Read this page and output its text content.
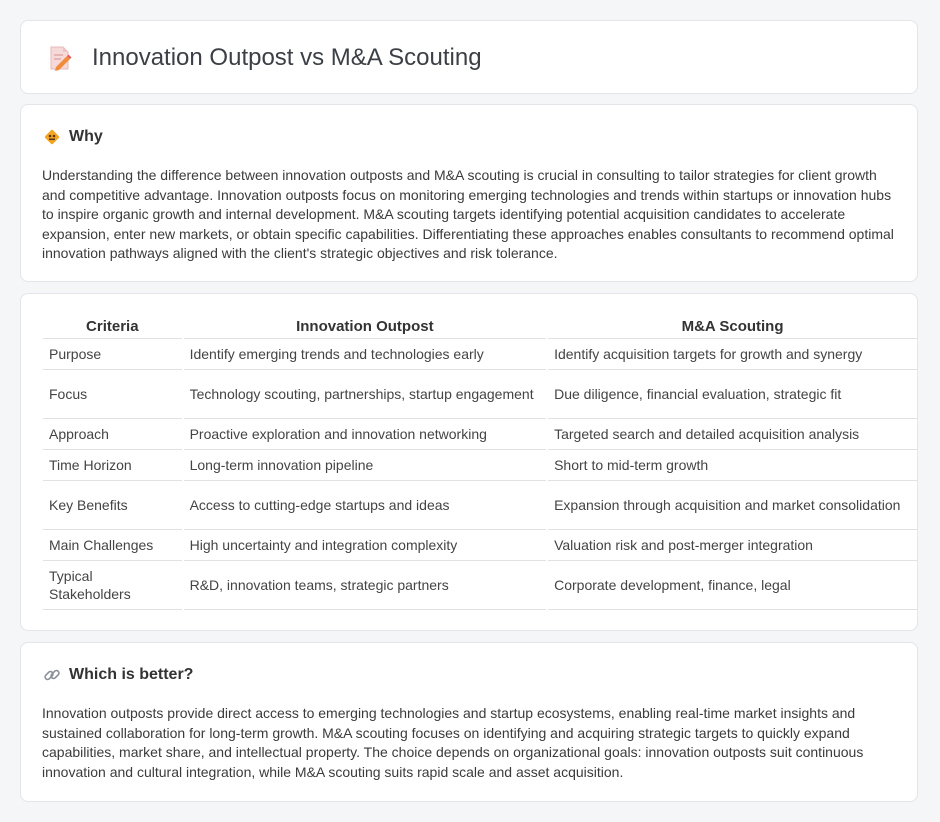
Innovation Outpost vs M&A Scouting
Why

Understanding the difference between innovation outposts and M&A scouting is crucial in consulting to tailor strategies for client growth and competitive advantage. Innovation outposts focus on monitoring emerging technologies and trends within startups or innovation hubs to inspire organic growth and internal development. M&A scouting targets identifying potential acquisition candidates to accelerate expansion, enter new markets, or obtain specific capabilities. Differentiating these approaches enables consultants to recommend optimal innovation pathways aligned with the client's strategic objectives and risk tolerance.

Criteria	Innovation Outpost	M&A Scouting
Purpose	Identify emerging trends and technologies early	Identify acquisition targets for growth and synergy
Focus	Technology scouting, partnerships, startup engagement	Due diligence, financial evaluation, strategic fit
Approach	Proactive exploration and innovation networking	Targeted search and detailed acquisition analysis
Time Horizon	Long-term innovation pipeline	Short to mid-term growth
Key Benefits	Access to cutting-edge startups and ideas	Expansion through acquisition and market consolidation
Main Challenges	High uncertainty and integration complexity	Valuation risk and post-merger integration
Typical Stakeholders	R&D, innovation teams, strategic partners	Corporate development, finance, legal
Which is better?

Innovation outposts provide direct access to emerging technologies and startup ecosystems, enabling real-time market insights and sustained collaboration for long-term growth. M&A scouting focuses on identifying and acquiring strategic targets to quickly expand capabilities, market share, and intellectual property. The choice depends on organizational goals: innovation outposts suit continuous innovation and cultural integration, while M&A scouting suits rapid scale and asset acquisition.
